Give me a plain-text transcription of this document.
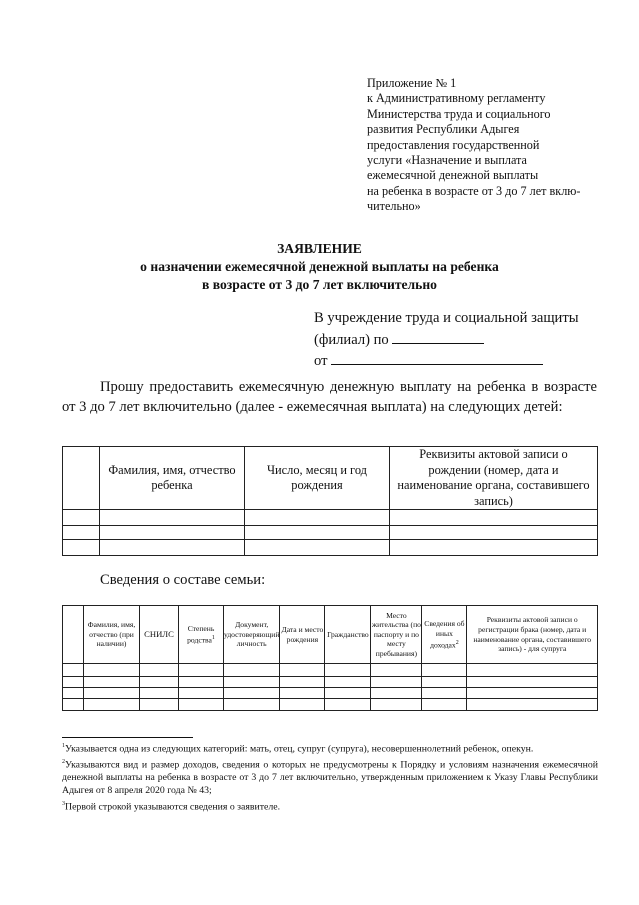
Приложение № 1
к Административному регламенту
Министерства труда и социального
развития Республики Адыгея
предоставления государственной
услуги «Назначение и выплата
ежемесячной денежной выплаты
на ребенка в возрасте от 3 до 7 лет вклю-
чительно»
ЗАЯВЛЕНИЕ
о назначении ежемесячной денежной выплаты на ребенка
в возрасте от 3 до 7 лет включительно
В учреждение труда и социальной защиты
(филиал) по
от
Прошу предоставить ежемесячную денежную выплату на ребенка в возрасте от 3 до 7 лет включительно (далее - ежемесячная выплата) на следующих детей:
	Фамилия, имя, отчество ребенка	Число, месяц и год рождения	Реквизиты актовой записи о рождении (номер, дата и наименование органа, составившего запись)

Сведения о составе семьи:
	Фамилия, имя, отчество (при наличии)	СНИЛС	Степень родства$^1$	Документ, удостоверяющий личность	Дата и место рождения	Гражданство	Место жительства (по паспорту и по месту пребывания)	Сведения об иных доходах$^2$	Реквизиты актовой записи о регистрации брака (номер, дата и наименование органа, составившего запись) - для супруга

$^1$Указывается одна из следующих категорий: мать, отец, супруг (супруга), несовершеннолетний ребенок, опекун.
$^2$Указываются вид и размер доходов, сведения о которых не предусмотрены к Порядку и условиям назначения ежемесячной денежной выплаты на ребенка в возрасте от 3 до 7 лет включительно, утвержденным приложением к Указу Главы Республики Адыгея от 8 апреля 2020 года № 43;
$^3$Первой строкой указываются сведения о заявителе.
